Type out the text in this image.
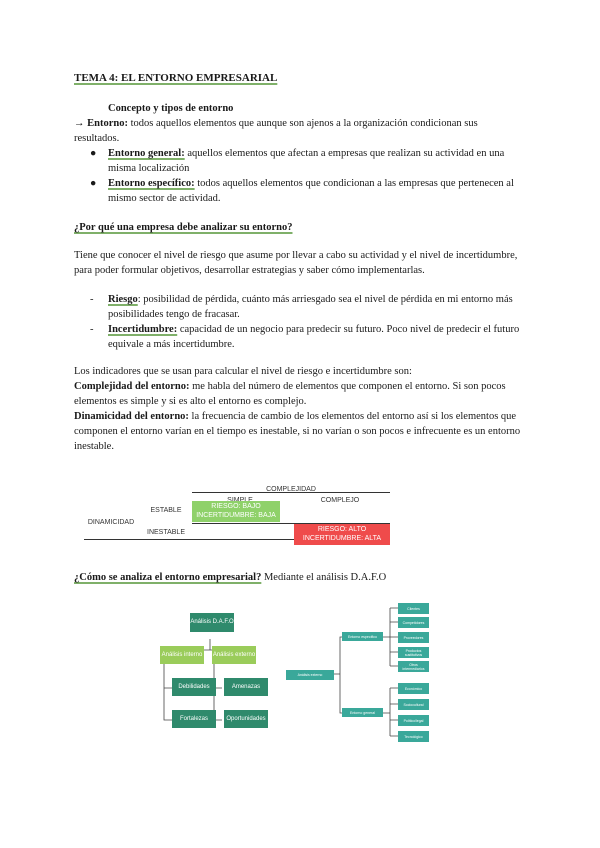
TEMA 4: EL ENTORNO EMPRESARIAL
Concepto y tipos de entorno
→ Entorno: todos aquellos elementos que aunque son ajenos a la organización condicionan sus resultados.
● Entorno general: aquellos elementos que afectan a empresas que realizan su actividad en una misma localización
● Entorno específico: todos aquellos elementos que condicionan a las empresas que pertenecen al mismo sector de actividad.
¿Por qué una empresa debe analizar su entorno?
Tiene que conocer el nivel de riesgo que asume por llevar a cabo su actividad y el nivel de incertidumbre, para poder formular objetivos, desarrollar estrategias y saber cómo implementarlas.
- Riesgo: posibilidad de pérdida, cuánto más arriesgado sea el nivel de pérdida en mi entorno más posibilidades tengo de fracasar.
- Incertidumbre: capacidad de un negocio para predecir su futuro. Poco nivel de predecir el futuro equivale a más incertidumbre.
Los indicadores que se usan para calcular el nivel de riesgo e incertidumbre son:
Complejidad del entorno: me habla del número de elementos que componen el entorno. Si son pocos elementos es simple y si es alto el entorno es complejo.
Dinamicidad del entorno: la frecuencia de cambio de los elementos del entorno así si los elementos que componen el entorno varían en el tiempo es inestable, si no varían o son pocos e infrecuente es un entorno inestable.
COMPLEJIDAD
COMPLEJO
DINAMICIDAD
ESTABLE
INESTABLE
RIESGO: BAJO
INCERTIDUMBRE: BAJA
RIESGO: ALTO
INCERTIDUMBRE: ALTA
¿Cómo se analiza el entorno empresarial? Mediante el análisis D.A.F.O
Análisis D.A.F.O
Análisis interno Análisis externo
Debilidades	Amenazas
Fortalezas	Oportunidades
Análisis externo
Entorno específico
Entorno general
Clientes
Competidores
Proveedores
Productos sustitutivos
Otros intermediarios
Económico
Sociocultural
Político/legal
Tecnológico
